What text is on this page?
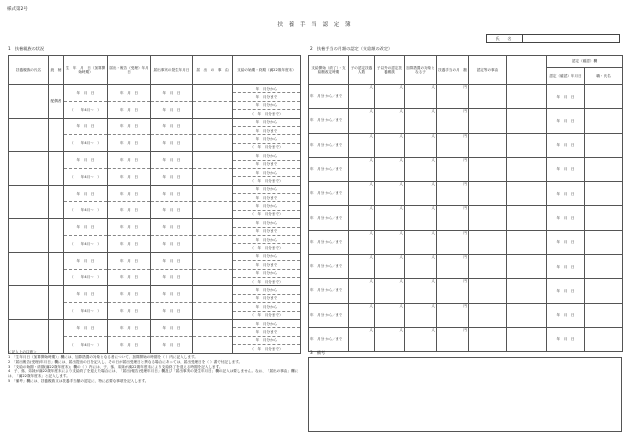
様式第2号
扶 養 手 当 認 定 簿
氏　名
1　扶養親族の状況	2　扶養手当の月額の認定（支給額の改定）
扶養親族の氏名	続　柄	生　年　月　日（加算開始時期）	届出・報告（受理）年月日	届出事実の発生年月日	届　出　の　事　由	支給の始期・終期（満22歳年度末）
	配偶者	年　月　日	年　月　日	年　月　日		年　月分から
						年　月分まで
		（　　年4月〜　）	年　月　日	年　月　日		年　月分から
						（　年　月分まで）
		年　月　日	年　月　日	年　月　日		年　月分から
						年　月分まで
		（　　年4月〜　）	年　月　日	年　月　日		年　月分から
						（　年　月分まで）
		年　月　日	年　月　日	年　月　日		年　月分から
						年　月分まで
		（　　年4月〜　）	年　月　日	年　月　日		年　月分から
						（　年　月分まで）
		年　月　日	年　月　日	年　月　日		年　月分から
						年　月分まで
		（　　年4月〜　）	年　月　日	年　月　日		年　月分から
						（　年　月分まで）
		年　月　日	年　月　日	年　月　日		年　月分から
						年　月分まで
		（　　年4月〜　）	年　月　日	年　月　日		年　月分から
						（　年　月分まで）
		年　月　日	年　月　日	年　月　日		年　月分から
						年　月分まで
		（　　年4月〜　）	年　月　日	年　月　日		年　月分から
						（　年　月分まで）
		年　月　日	年　月　日	年　月　日		年　月分から
						年　月分まで
		（　　年4月〜　）	年　月　日	年　月　日		年　月分から
						（　年　月分まで）
		年　月　日	年　月　日	年　月　日		年　月分から
						年　月分まで
		（　　年4月〜　）	年　月　日	年　月　日		年　月分から
						（　年　月分まで）
支給開始（終了）・支給額改定時期	子の認定扶養人数	子以外の認定扶養親族	加算措置の対象となる子	扶養手当の月　額	認定等の事由		認定（確認）欄	
							認定（確認）年月日	職・氏名
年　月分 から／まで	人	人	人	円			年　月　日	

年　月分 から／まで	人	人	人	円			年　月　日	

年　月分 から／まで	人	人	人	円			年　月　日	

年　月分 から／まで	人	人	人	円			年　月　日	

年　月分 から／まで	人	人	人	円			年　月　日	

年　月分 から／まで	人	人	人	円			年　月　日	

年　月分 から／まで	人	人	人	円			年　月　日	

年　月分 から／まで	人	人	人	円			年　月　日	

年　月分 から／まで	人	人	人	円			年　月　日	

年　月分 から／まで	人	人	人	円			年　月　日	

年　月分 から／まで	人	人	人	円			年　月　日	

3　備考
＜記入上の注意＞
1　「生年月日（加算開始時期）」欄には、加算措置の対象となる者について、加算開始の時期を（ ）内に記入します。
2　「届出報告(受理)年月日」欄には、届出提出の日を記入し、その日が届出受理日と異なる場合にあっては、届出受理日を（ ）書で付記します。
3　「支給の始期・終期(満22歳年度末)」欄の（ ）内には、子、孫、弟妹が満22歳年度末により支給終了を迎える時期を記入します。
4　子、孫、弟妹が満22歳年度末により支給終了を迎えた場合には、「届出(報告)受理年月日」欄及び「届出事実の発生年月日」欄の記入は要しません。なお、「届出の事由」欄には、「満22歳年度末」と記入します。
5　「備考」欄には、扶養親族又は扶養手当額の認定に、特に必要な事項を記入します。
